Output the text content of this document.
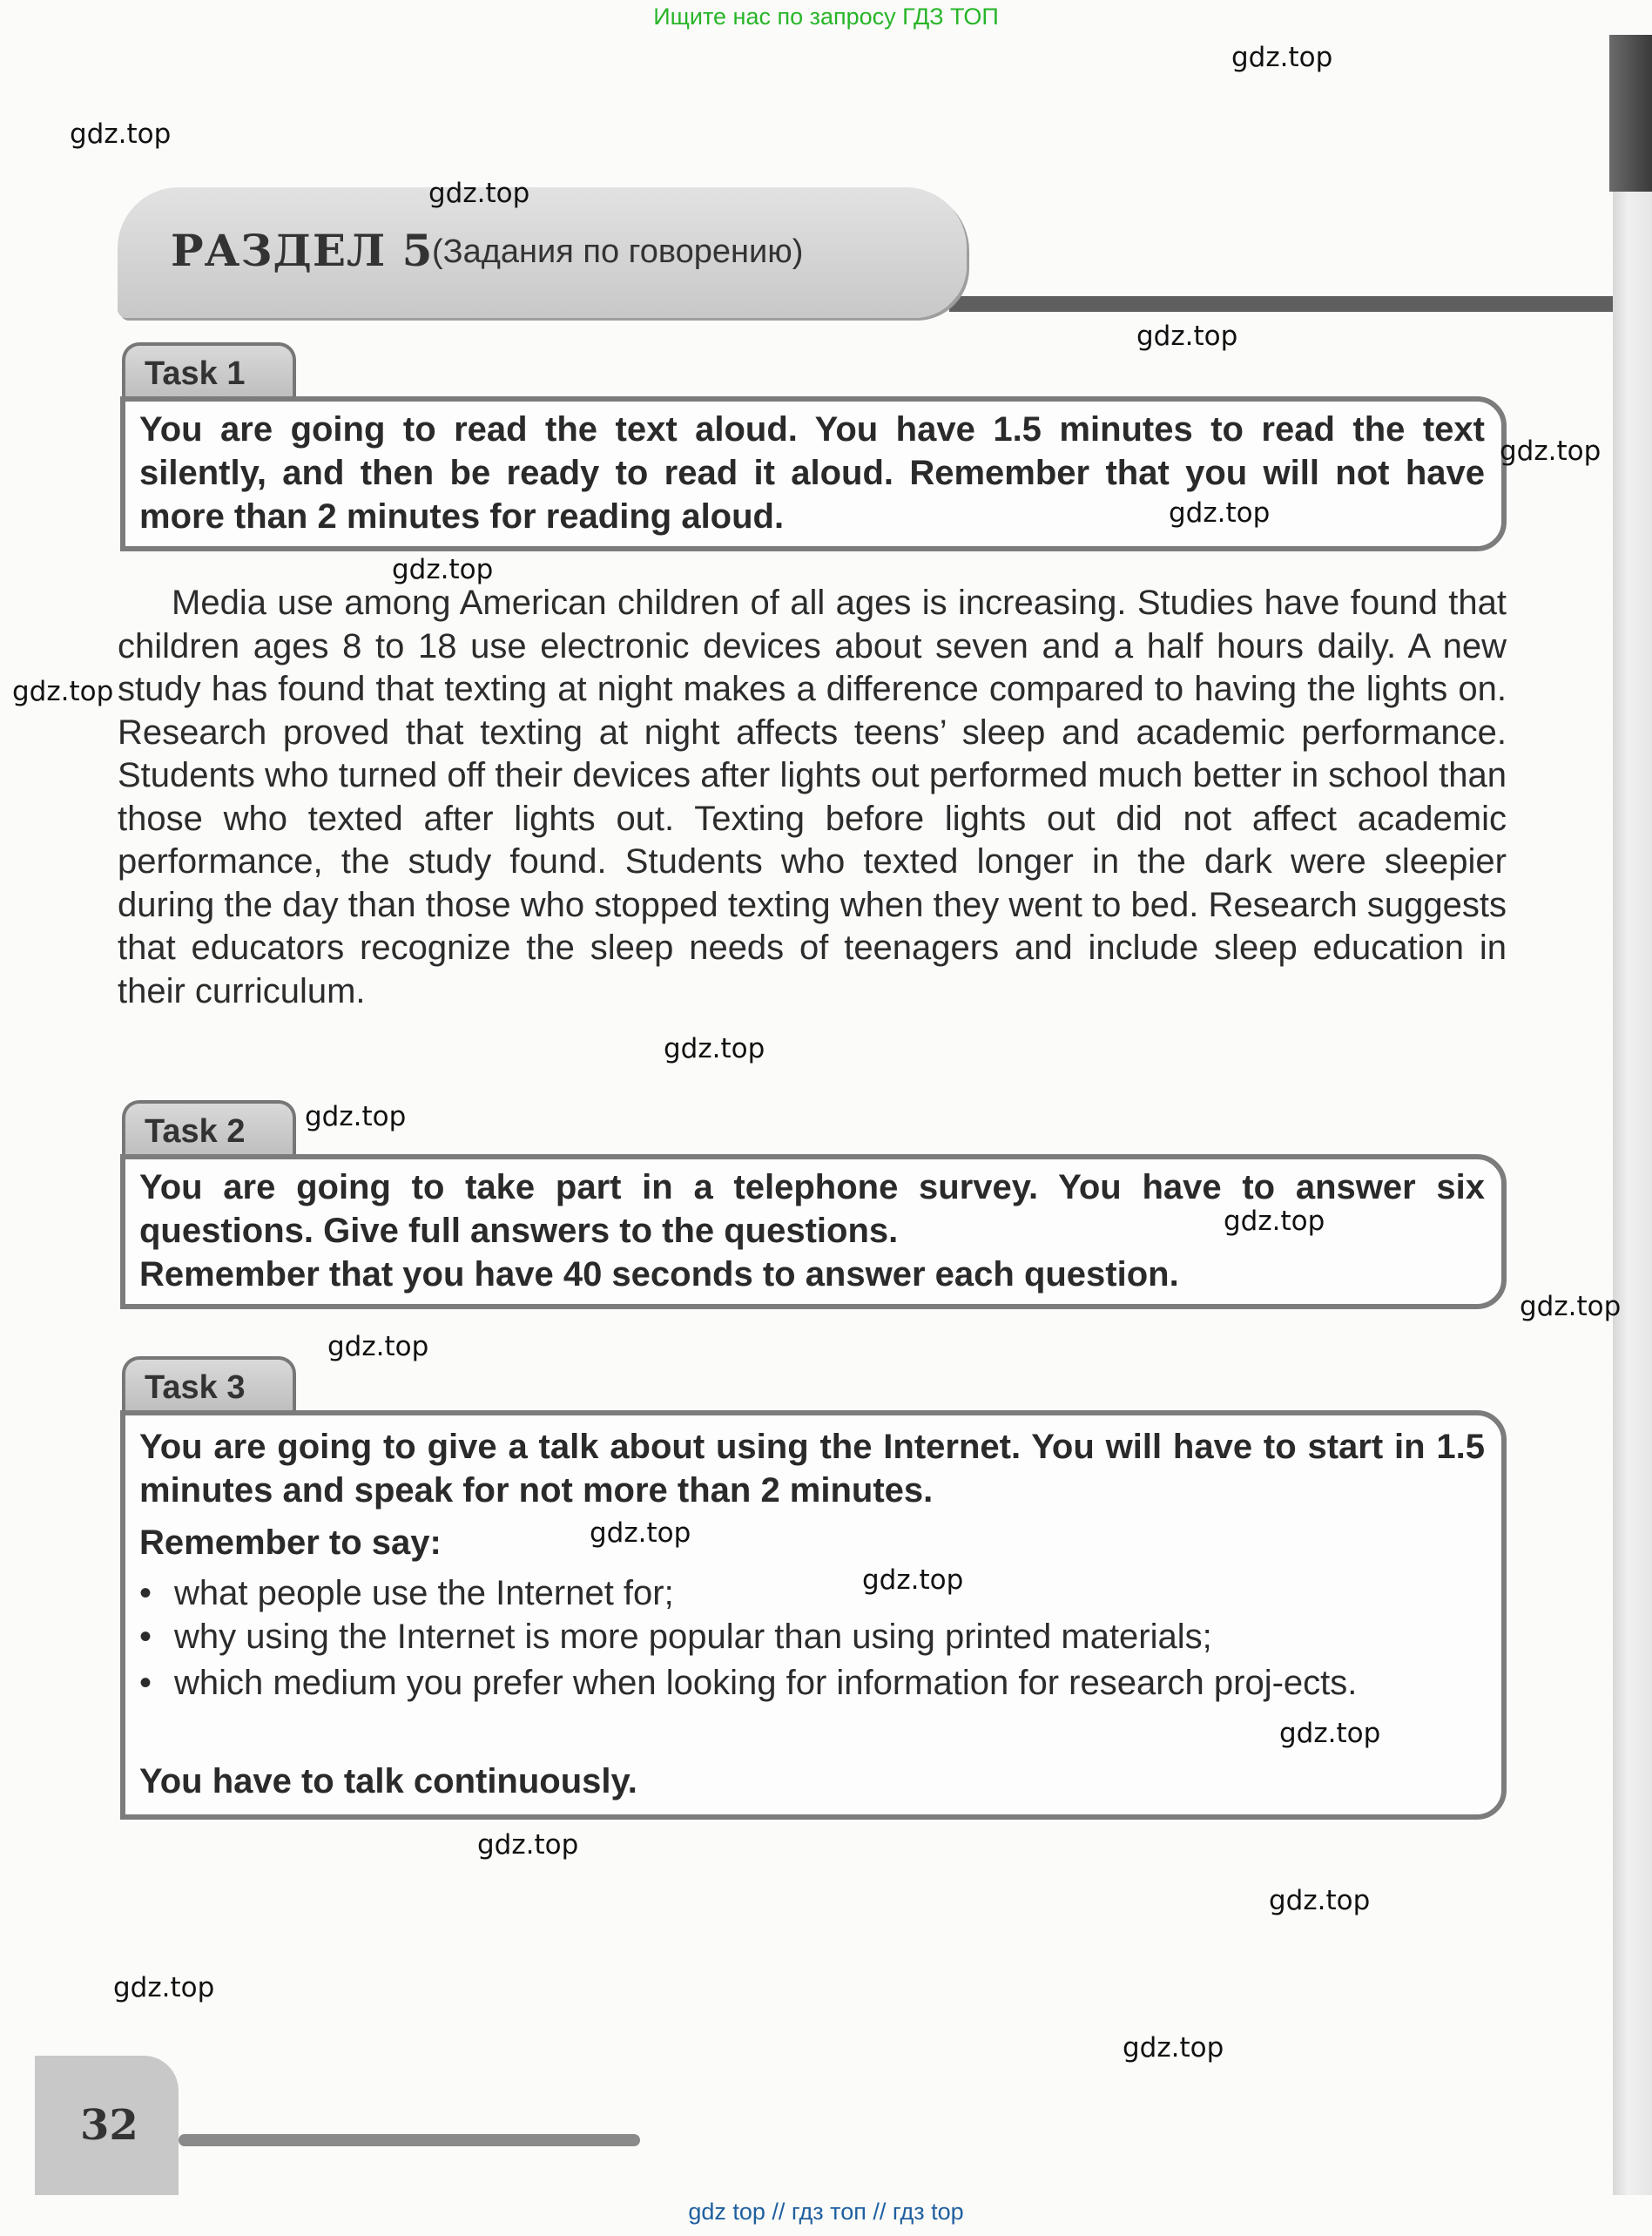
Ищите нас по запросу ГДЗ ТОП
РАЗДЕЛ 5
(Задания по говорению)
Task 1
You are going to read the text aloud. You have 1.5 minutes to read the text silently, and then be ready to read it aloud. Remember that you will not have more than 2 minutes for reading aloud.
Media use among American children of all ages is increasing. Studies have found that children ages 8 to 18 use electronic devices about seven and a half hours daily. A new study has found that texting at night makes a difference compared to having the lights on. Research proved that texting at night affects teens’ sleep and academic performance. Students who turned off their devices after lights out performed much better in school than those who texted after lights out. Texting before lights out did not affect academic performance, the study found. Students who texted longer in the dark were sleepier during the day than those who stopped texting when they went to bed. Research suggests that educators recognize the sleep needs of teenagers and include sleep education in their curriculum.
Task 2
You are going to take part in a telephone survey. You have to answer six questions. Give full answers to the questions.
Remember that you have 40 seconds to answer each question.
Task 3
You are going to give a talk about using the Internet. You will have to start in 1.5 minutes and speak for not more than 2 minutes.
Remember to say:
• what people use the Internet for;
• why using the Internet is more popular than using printed materials;
• which medium you prefer when looking for information for research proj-ects.
You have to talk continuously.
32
gdz.top
gdz.top
gdz.top
gdz.top
gdz.top
gdz.top
gdz.top
gdz.top
gdz.top
gdz.top
gdz.top
gdz.top
gdz.top
gdz.top
gdz.top
gdz.top
gdz.top
gdz.top
gdz.top
gdz.top
gdz top // гдз топ // гдз top
